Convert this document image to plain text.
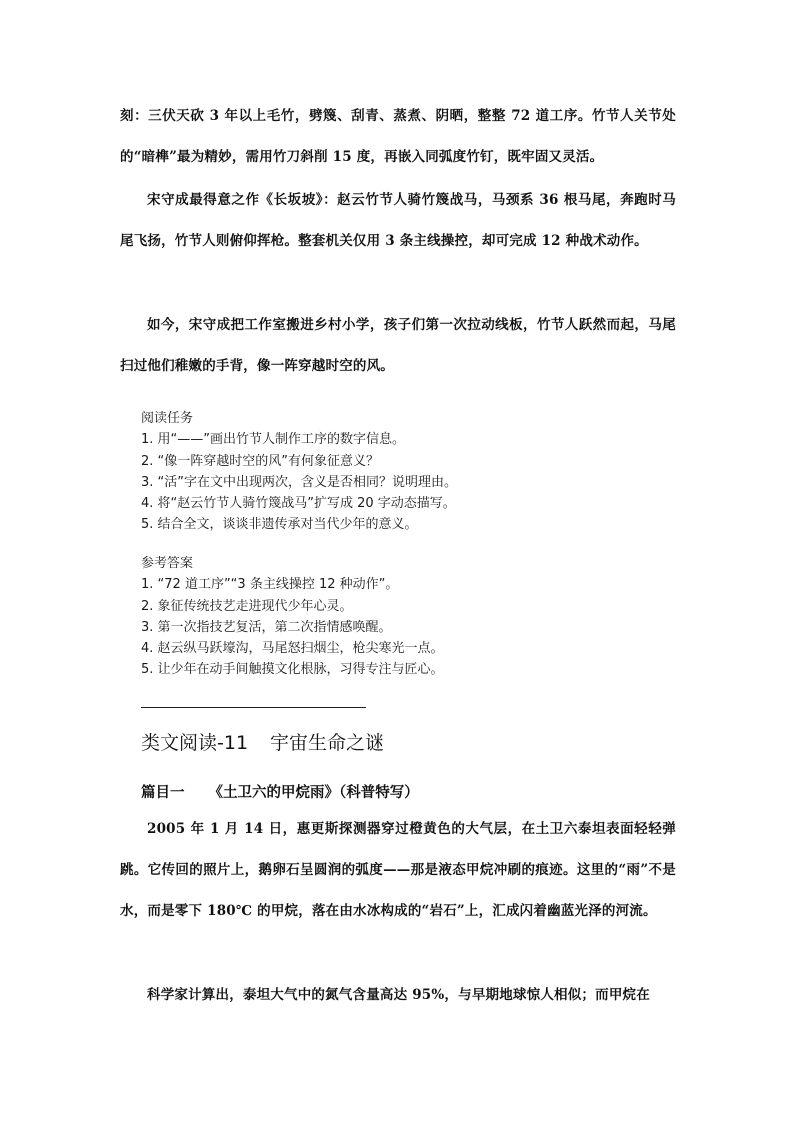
刻：三伏天砍 3 年以上毛竹，劈篾、刮青、蒸煮、阴晒，整整 72 道工序。竹节人关节处的“暗榫”最为精妙，需用竹刀斜削 15 度，再嵌入同弧度竹钉，既牢固又灵活。

宋守成最得意之作《长坂坡》：赵云竹节人骑竹篾战马，马颈系 36 根马尾，奔跑时马尾飞扬，竹节人则俯仰挥枪。整套机关仅用 3 条主线操控，却可完成 12 种战术动作。

如今，宋守成把工作室搬进乡村小学，孩子们第一次拉动线板，竹节人跃然而起，马尾扫过他们稚嫩的手背，像一阵穿越时空的风。

阅读任务
1. 用“——”画出竹节人制作工序的数字信息。
2. “像一阵穿越时空的风”有何象征意义？
3. “活”字在文中出现两次，含义是否相同？说明理由。
4. 将“赵云竹节人骑竹篾战马”扩写成 20 字动态描写。
5. 结合全文，谈谈非遗传承对当代少年的意义。
参考答案
1. “72 道工序”“3 条主线操控 12 种动作”。
2. 象征传统技艺走进现代少年心灵。
3. 第一次指技艺复活，第二次指情感唤醒。
4. 赵云纵马跃壕沟，马尾怒扫烟尘，枪尖寒光一点。
5. 让少年在动手间触摸文化根脉，习得专注与匠心。
类文阅读-11 宇宙生命之谜
篇目一 《土卫六的甲烷雨》（科普特写）

2005 年 1 月 14 日，惠更斯探测器穿过橙黄色的大气层，在土卫六泰坦表面轻轻弹跳。它传回的照片上，鹅卵石呈圆润的弧度——那是液态甲烷冲刷的痕迹。这里的“雨”不是水，而是零下 180℃ 的甲烷，落在由水冰构成的“岩石”上，汇成闪着幽蓝光泽的河流。

科学家计算出，泰坦大气中的氮气含量高达 95%，与早期地球惊人相似；而甲烷在
